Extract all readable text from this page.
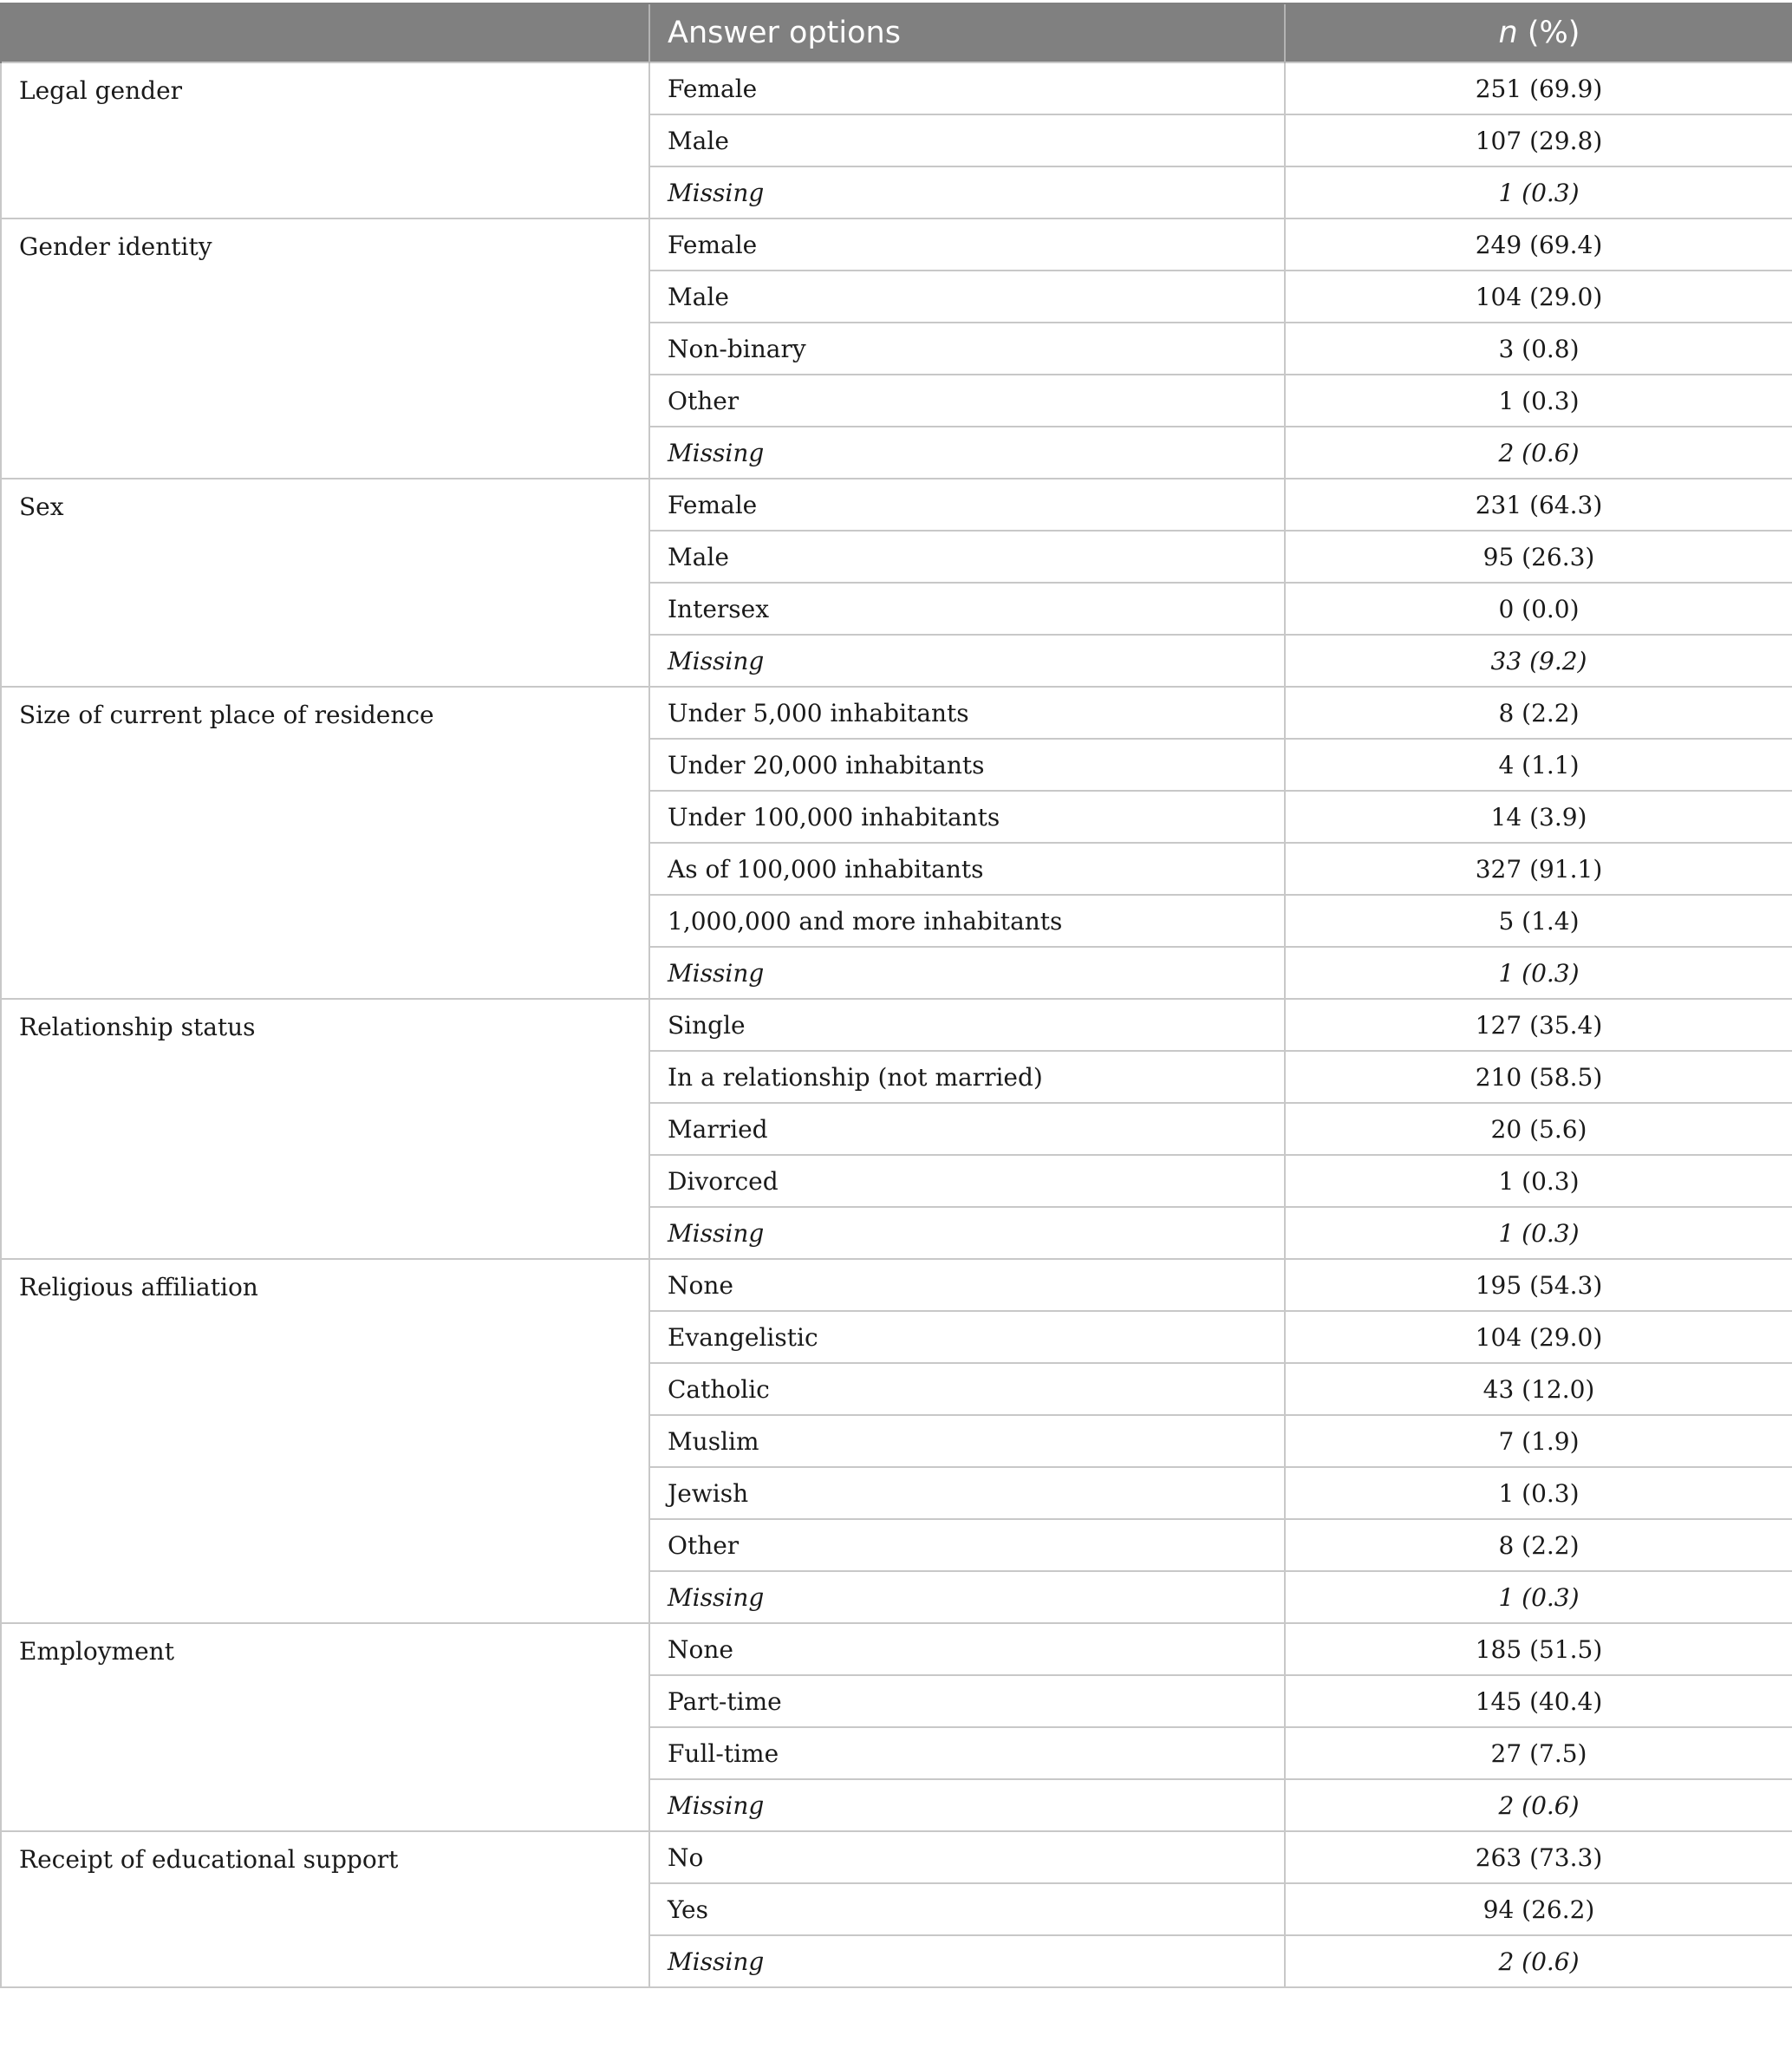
	Answer options	n (%)
Legal gender	Female	251 (69.9)
	Male	107 (29.8)
	Missing	1 (0.3)
Gender identity	Female	249 (69.4)
	Male	104 (29.0)
	Non-binary	3 (0.8)
	Other	1 (0.3)
	Missing	2 (0.6)
Sex	Female	231 (64.3)
	Male	95 (26.3)
	Intersex	0 (0.0)
	Missing	33 (9.2)
Size of current place of residence	Under 5,000 inhabitants	8 (2.2)
	Under 20,000 inhabitants	4 (1.1)
	Under 100,000 inhabitants	14 (3.9)
	As of 100,000 inhabitants	327 (91.1)
	1,000,000 and more inhabitants	5 (1.4)
	Missing	1 (0.3)
Relationship status	Single	127 (35.4)
	In a relationship (not married)	210 (58.5)
	Married	20 (5.6)
	Divorced	1 (0.3)
	Missing	1 (0.3)
Religious affiliation	None	195 (54.3)
	Evangelistic	104 (29.0)
	Catholic	43 (12.0)
	Muslim	7 (1.9)
	Jewish	1 (0.3)
	Other	8 (2.2)
	Missing	1 (0.3)
Employment	None	185 (51.5)
	Part-time	145 (40.4)
	Full-time	27 (7.5)
	Missing	2 (0.6)
Receipt of educational support	No	263 (73.3)
	Yes	94 (26.2)
	Missing	2 (0.6)
